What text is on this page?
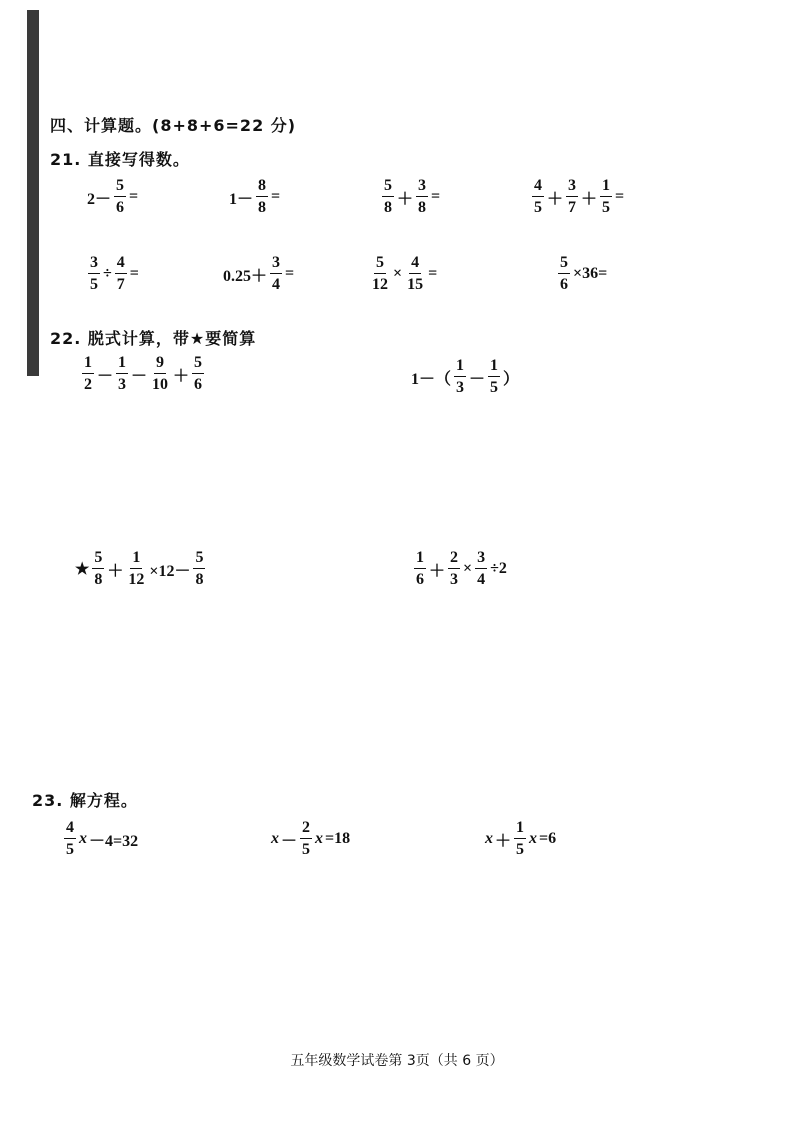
四、计算题。(8+8+6=22 分)
21. 直接写得数。
$2- \frac{5}{6}$ =	$1- \frac{8}{8}$ =	$\frac{5}{8} + \frac{3}{8}$ =	$\frac{4}{5} + \frac{3}{7} + \frac{1}{5}$ =
$\frac{3}{5} \div \frac{4}{7}$ =	$0.25+ \frac{3}{4}$ =	$\frac{5}{12} \times \frac{4}{15}$ =	$\frac{5}{6} \times 36=$
22. 脱式计算，带★要简算
$\frac{1}{2} - \frac{1}{3} - \frac{9}{10} + \frac{5}{6}$	$1-( \frac{1}{3} - \frac{1}{5}$ ）
★ $\frac{5}{8} + \frac{1}{12} \times 12- \frac{5}{8}$	$\frac{1}{6} + \frac{2}{3} \times \frac{3}{4} \div 2$
23. 解方程。
$\frac{4}{5}$ x －4=32	$x - \frac{2}{5}$ x =18	$x + \frac{1}{5}$ x =6
五年级数学试卷第 3页（共 6 页）
